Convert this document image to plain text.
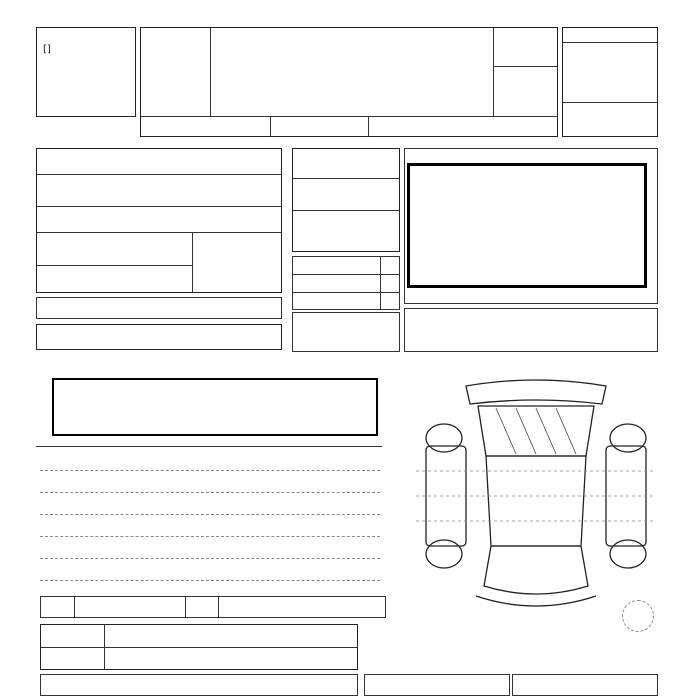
[]
